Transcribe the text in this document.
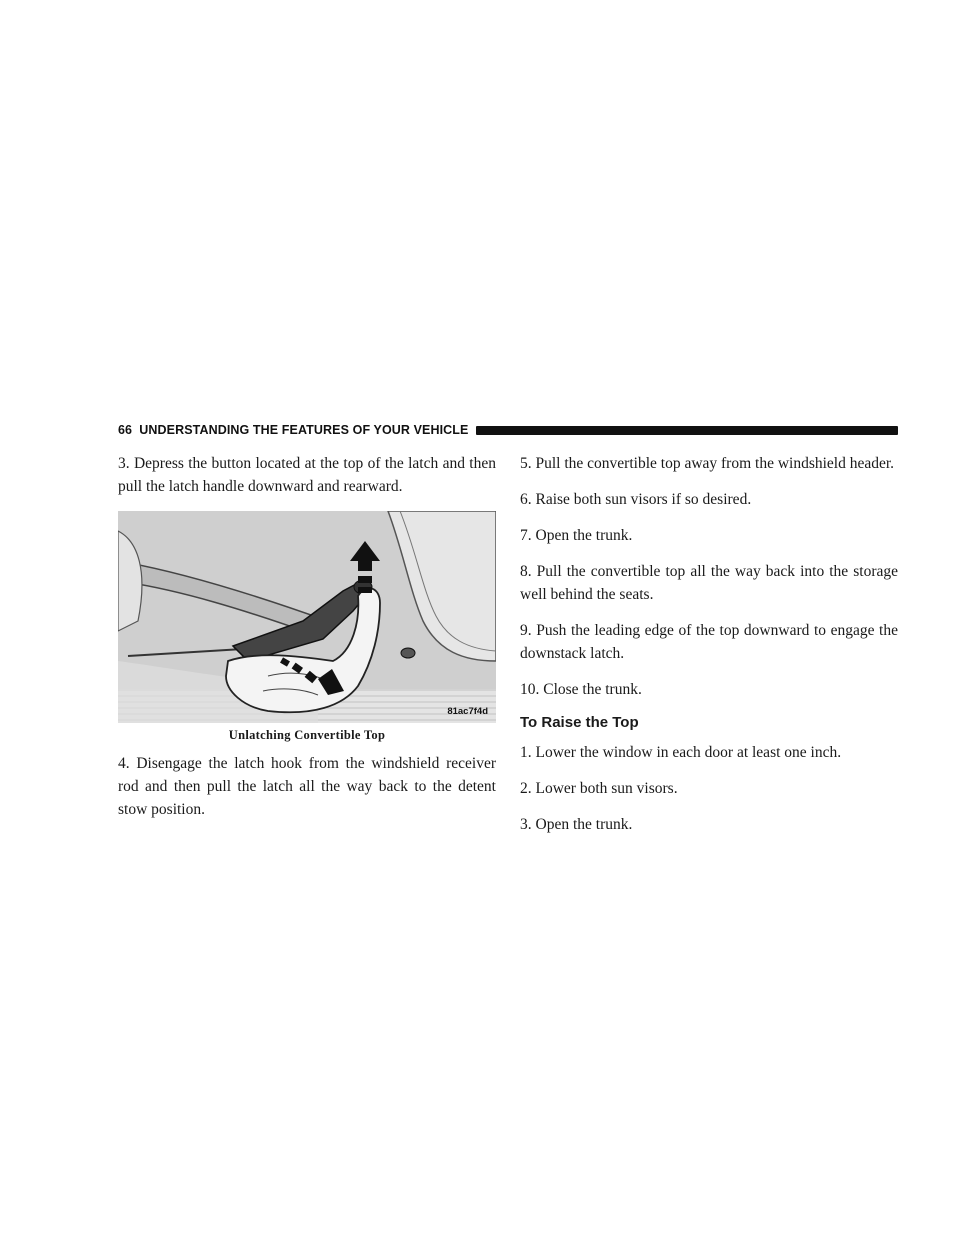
66 UNDERSTANDING THE FEATURES OF YOUR VEHICLE

3. Depress the button located at the top of the latch and then pull the latch handle downward and rearward.

81ac7f4d
Unlatching Convertible Top

4. Disengage the latch hook from the windshield receiver rod and then pull the latch all the way back to the detent stow position.

5. Pull the convertible top away from the windshield header.

6. Raise both sun visors if so desired.

7. Open the trunk.

8. Pull the convertible top all the way back into the storage well behind the seats.

9. Push the leading edge of the top downward to engage the downstack latch.

10. Close the trunk.

To Raise the Top

1. Lower the window in each door at least one inch.

2. Lower both sun visors.

3. Open the trunk.
